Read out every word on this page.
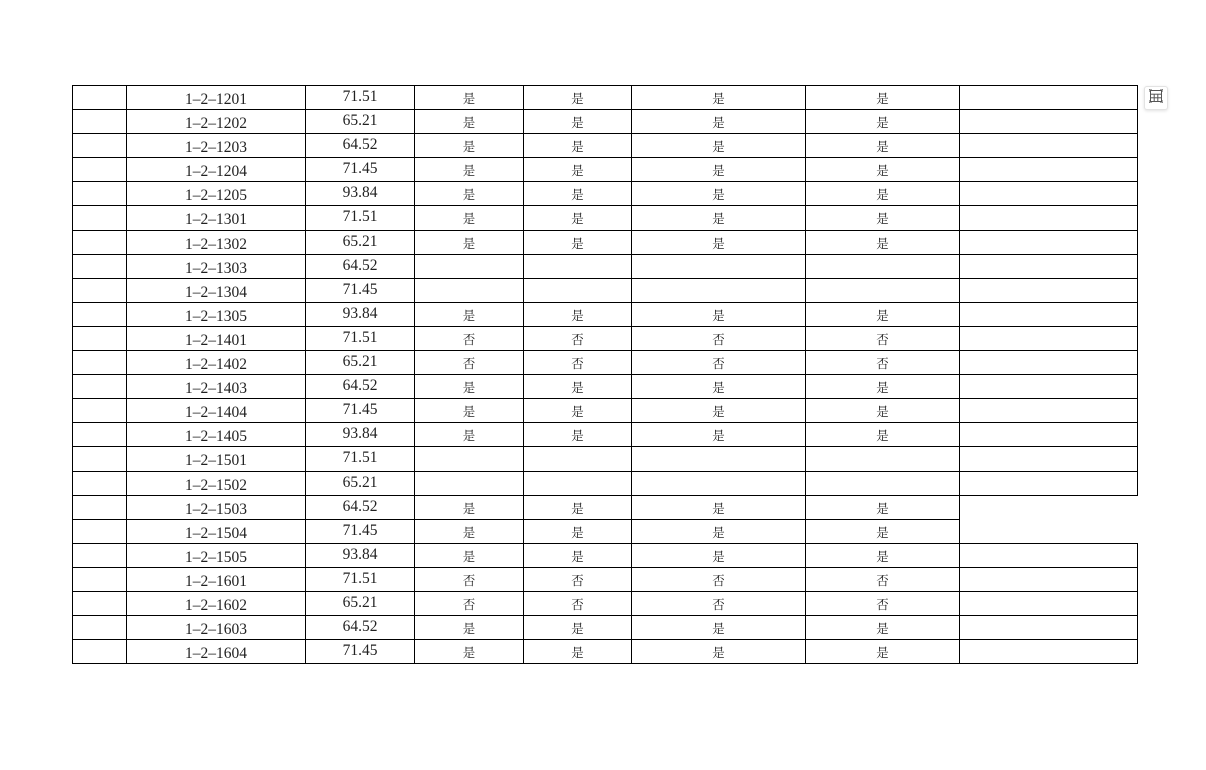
1–2–1201	71.51	是	是	是	是
1–2–1202	65.21	是	是	是	是
1–2–1203	64.52	是	是	是	是
1–2–1204	71.45	是	是	是	是
1–2–1205	93.84	是	是	是	是
1–2–1301	71.51	是	是	是	是
1–2–1302	65.21	是	是	是	是
1–2–1303	64.52
1–2–1304	71.45
1–2–1305	93.84	是	是	是	是
1–2–1401	71.51	否	否	否	否
1–2–1402	65.21	否	否	否	否
1–2–1403	64.52	是	是	是	是
1–2–1404	71.45	是	是	是	是
1–2–1405	93.84	是	是	是	是
1–2–1501	71.51
1–2–1502	65.21
1–2–1503	64.52	是	是	是	是
1–2–1504	71.45	是	是	是	是
1–2–1505	93.84	是	是	是	是
1–2–1601	71.51	否	否	否	否
1–2–1602	65.21	否	否	否	否
1–2–1603	64.52	是	是	是	是
1–2–1604	71.45	是	是	是	是
